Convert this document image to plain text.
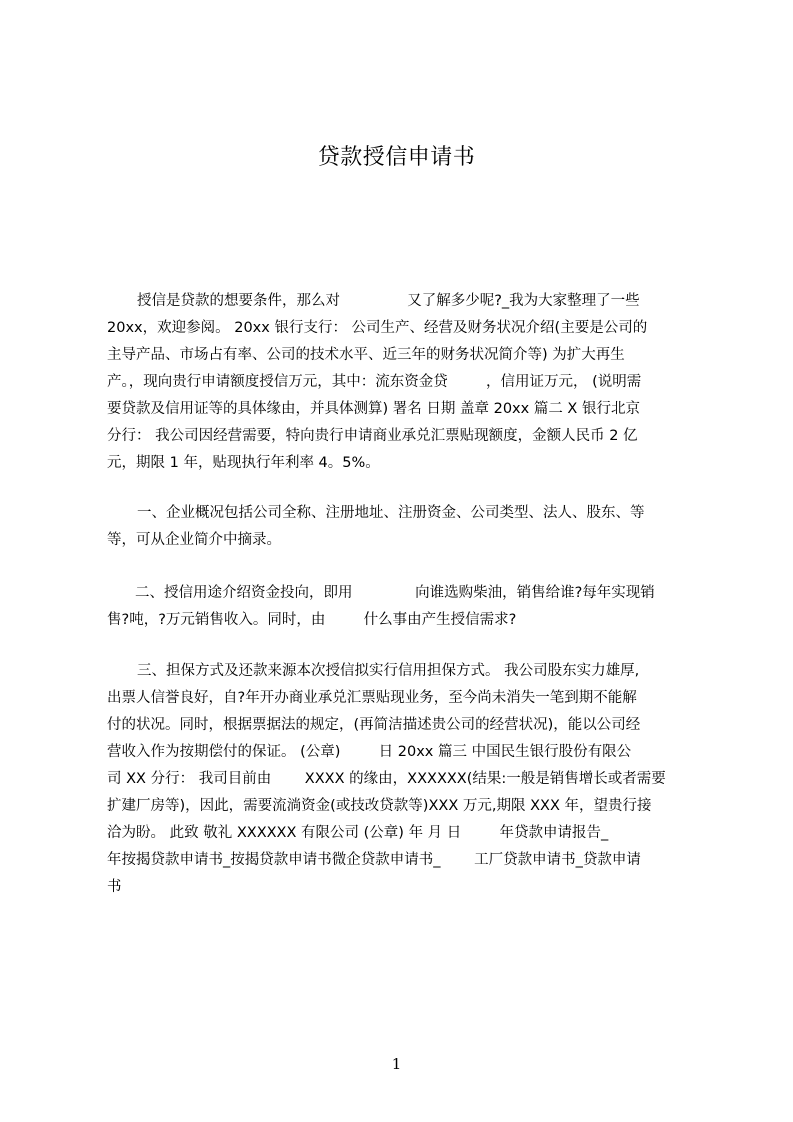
贷款授信申请书
授信是贷款的想要条件，那么对 　　　　 又了解多少呢?_我为大家整理了一些
20xx，欢迎参阅。 20xx 银行支行： 公司生产、经营及财务状况介绍(主要是公司的
主导产品、市场占有率、公司的技术水平、近三年的财务状况简介等) 为扩大再生
产。，现向贵行申请额度授信万元，其中：流东资金贷 　　 ，信用证万元， (说明需
要贷款及信用证等的具体缘由，并具体测算) 署名 日期 盖章 20xx 篇二 X 银行北京
分行： 我公司因经营需要，特向贵行申请商业承兑汇票贴现额度，金额人民币 2 亿
元，期限 1 年，贴现执行年利率 4。5%。
一、企业概况包括公司全称、注册地址、注册资金、公司类型、法人、股东、等
等，可从企业简介中摘录。
二、授信用途介绍资金投向，即用 　　　　向谁选购柴油，销售给谁?每年实现销
售?吨，?万元销售收入。同时，由 　　 什么事由产生授信需求?
三、担保方式及还款来源本次授信拟实行信用担保方式。 我公司股东实力雄厚,
出票人信誉良好，自?年开办商业承兑汇票贴现业务，至今尚未消失一笔到期不能解
付的状况。同时，根据票据法的规定，(再简洁描述贵公司的经营状况)，能以公司经
营收入作为按期偿付的保证。 (公章) 　　 日 20xx 篇三 中国民生银行股份有限公
司 XX 分行： 我司目前由 　　XXXX 的缘由，XXXXXX(结果:一般是销售增长或者需要
扩建厂房等)，因此，需要流淌资金(或技改贷款等)XXX 万元,期限 XXX 年，望贵行接
洽为盼。 此致 敬礼 XXXXXX 有限公司 (公章) 年 月 日 　　 年贷款申请报告_
年按揭贷款申请书_按揭贷款申请书微企贷款申请书_ 　　工厂贷款申请书_贷款申请
书
1
